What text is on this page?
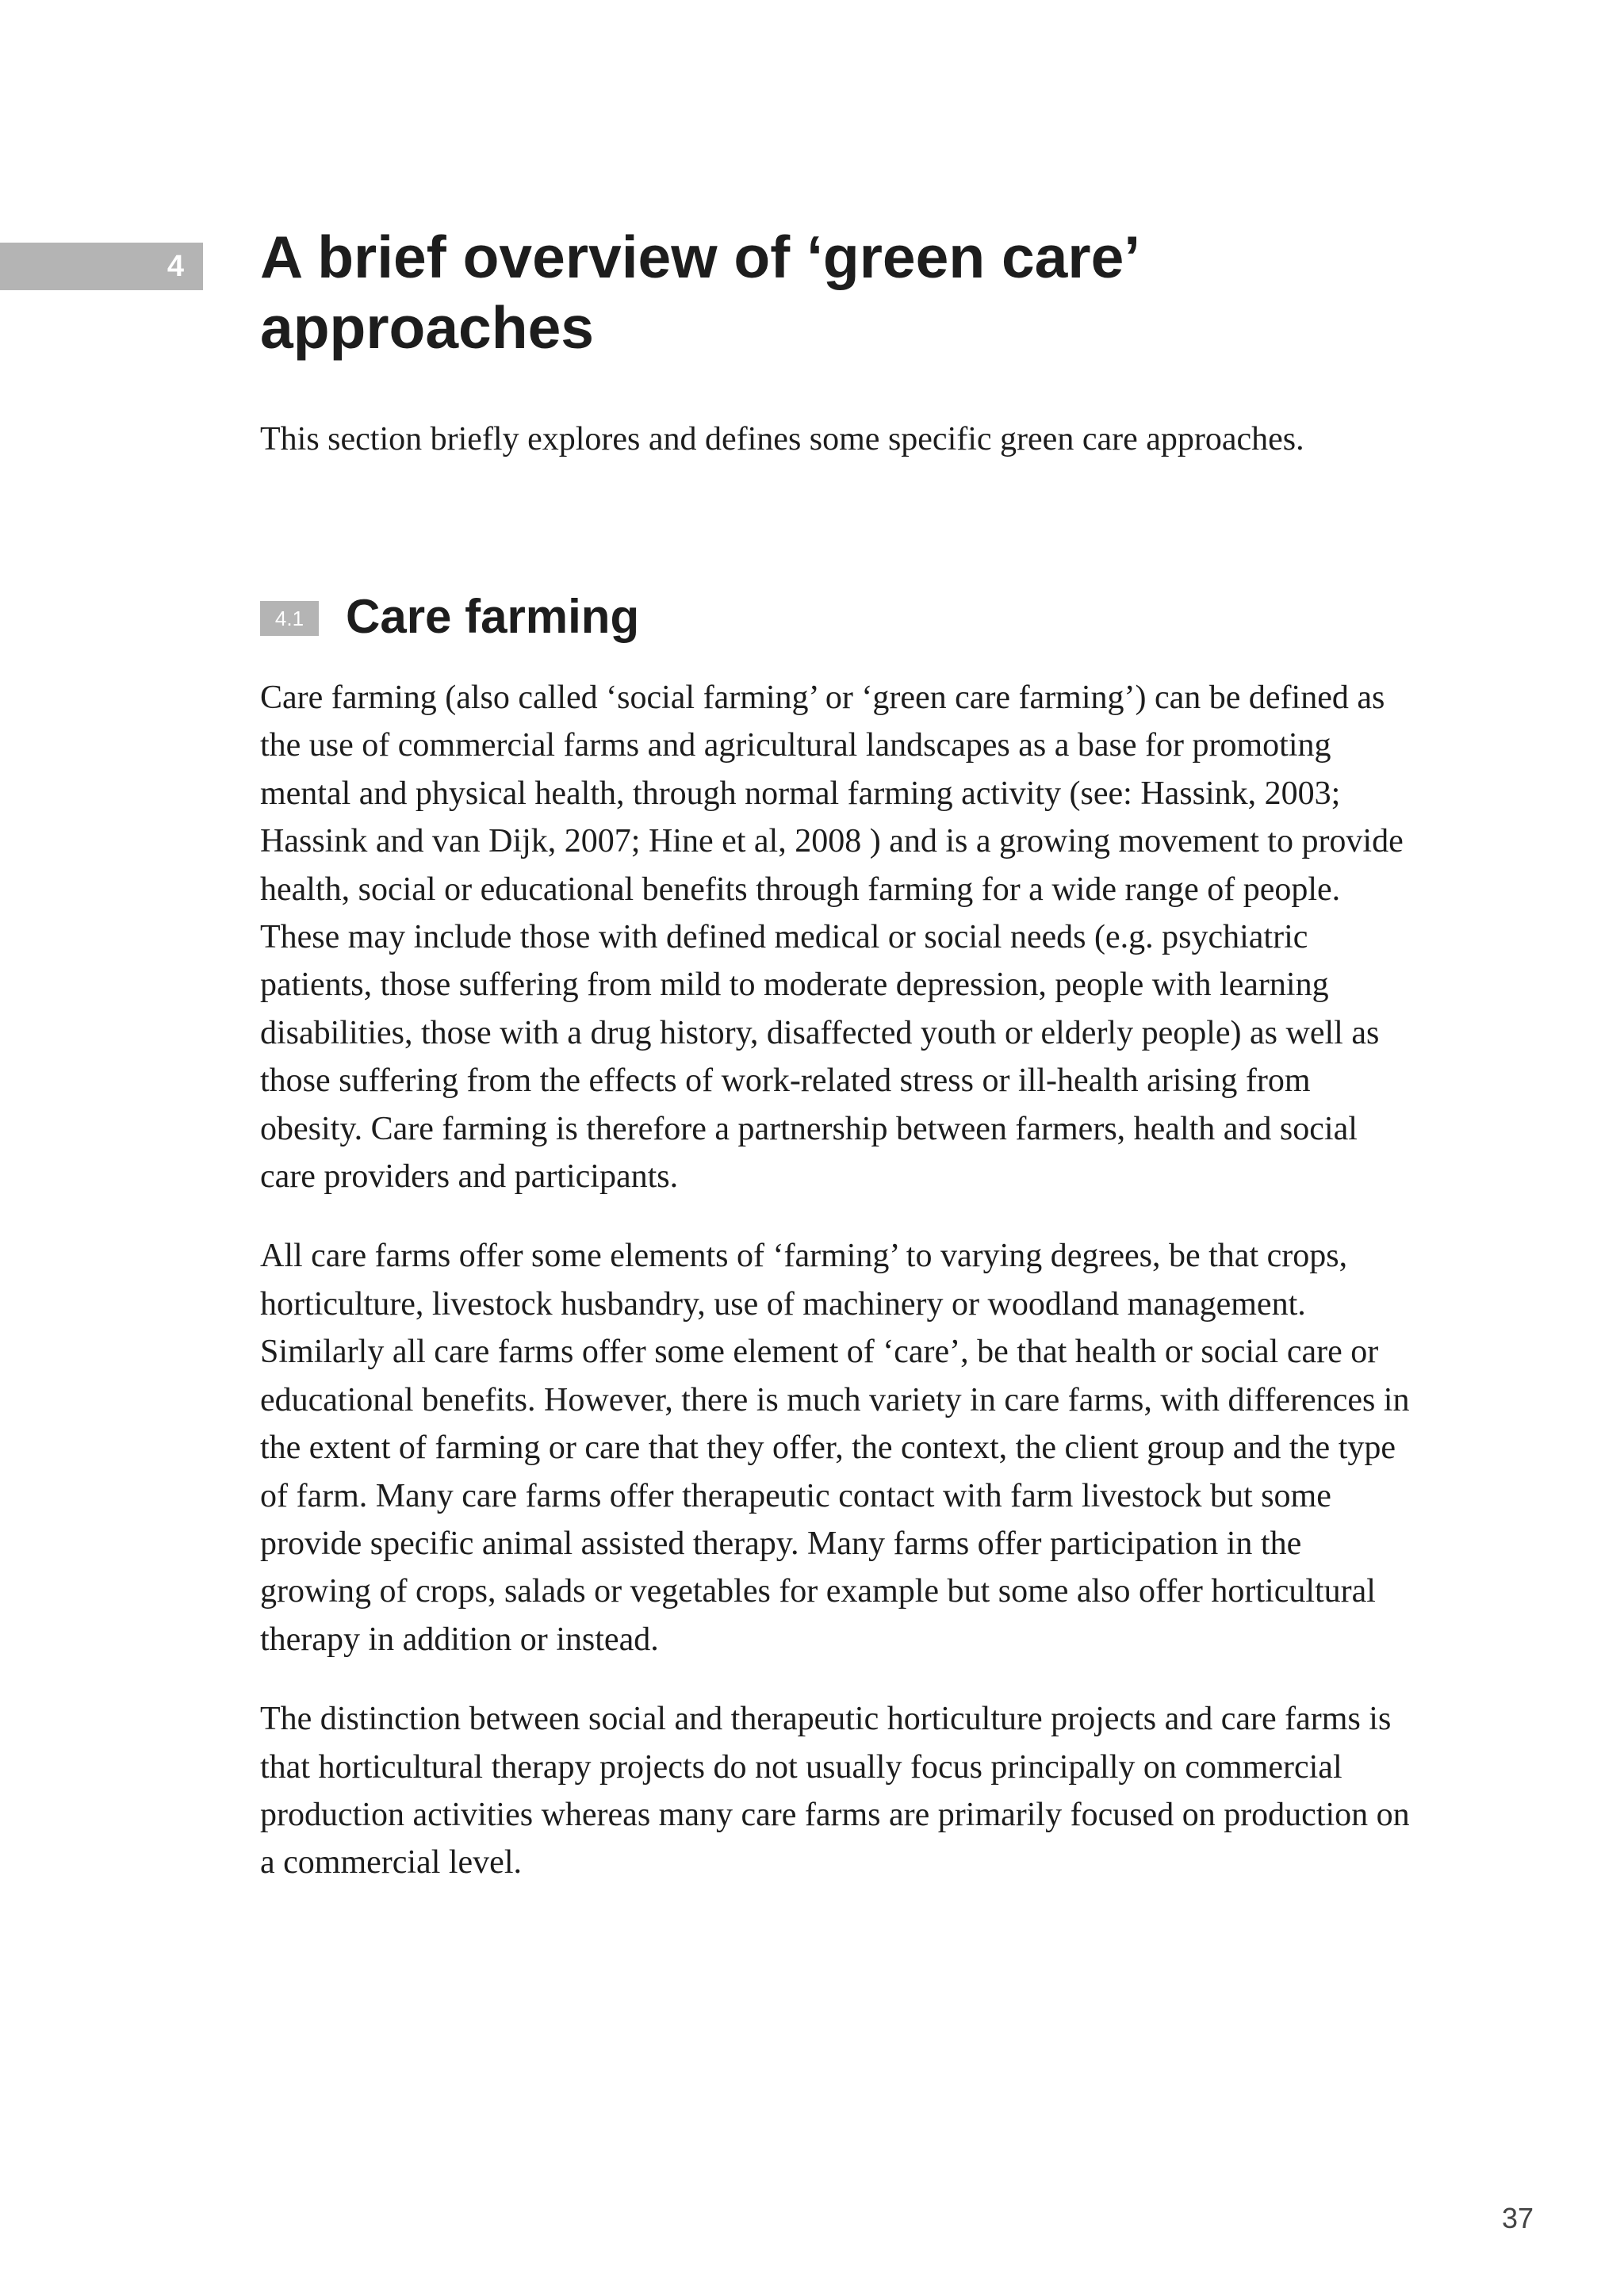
4 A brief overview of ‘green care’ approaches

This section briefly explores and defines some specific green care approaches.

4.1 Care farming

Care farming (also called ‘social farming’ or ‘green care farming’) can be defined as the use of commercial farms and agricultural landscapes as a base for promoting mental and physical health, through normal farming activity (see: Hassink, 2003; Hassink and van Dijk, 2007; Hine et al, 2008 ) and is a growing movement to provide health, social or educational benefits through farming for a wide range of people. These may include those with defined medical or social needs (e.g. psychiatric patients, those suffering from mild to moderate depression, people with learning disabilities, those with a drug history, disaffected youth or elderly people) as well as those suffering from the effects of work-related stress or ill-health arising from obesity. Care farming is therefore a partnership between farmers, health and social care providers and participants.

All care farms offer some elements of ‘farming’ to varying degrees, be that crops, horticulture, livestock husbandry, use of machinery or woodland management. Similarly all care farms offer some element of ‘care’, be that health or social care or educational benefits. However, there is much variety in care farms, with differences in the extent of farming or care that they offer, the context, the client group and the type of farm. Many care farms offer therapeutic contact with farm livestock but some provide specific animal assisted therapy. Many farms offer participation in the growing of crops, salads or vegetables for example but some also offer horticultural therapy in addition or instead.

The distinction between social and therapeutic horticulture projects and care farms is that horticultural therapy projects do not usually focus principally on commercial production activities whereas many care farms are primarily focused on production on a commercial level.

37
